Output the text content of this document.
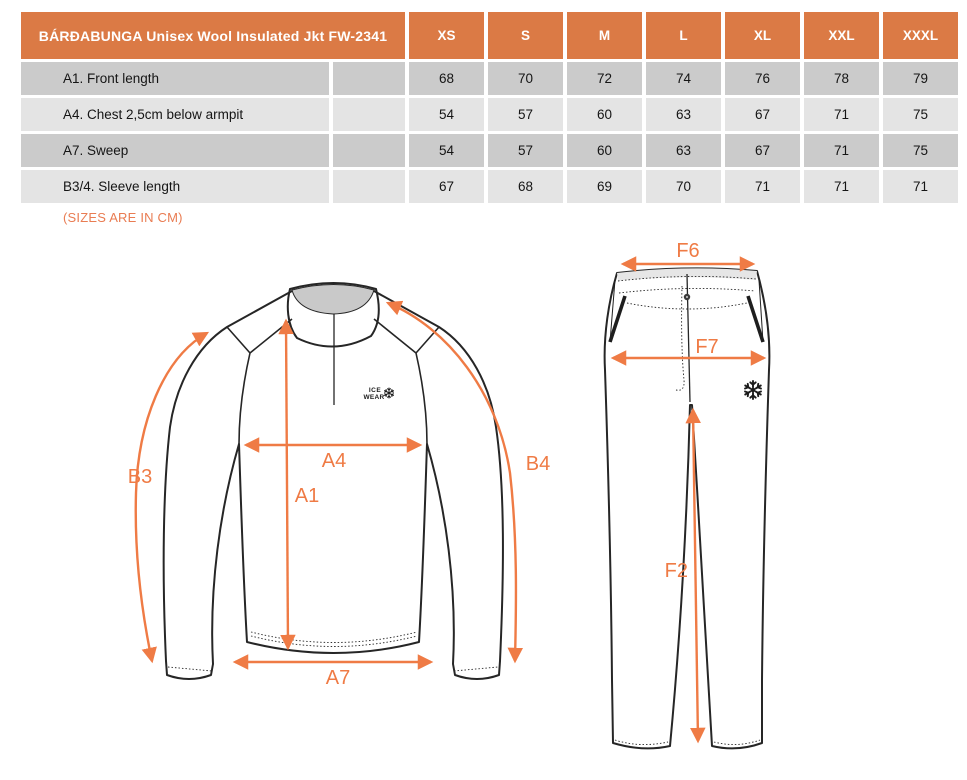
BÁRÐABUNGA Unisex Wool Insulated Jkt FW-2341		XS	S	M	L	XL	XXL	XXXL
A1. Front length		68	70	72	74	76	78	79
A4. Chest 2,5cm below armpit		54	57	60	63	67	71	75
A7. Sweep		54	57	60	63	67	71	75
B3/4. Sleeve length		67	68	69	70	71	71	71
(SIZES ARE IN CM)
ICE
WEAR
B3
B4
A4
A1
A7
F6
F7
F2
